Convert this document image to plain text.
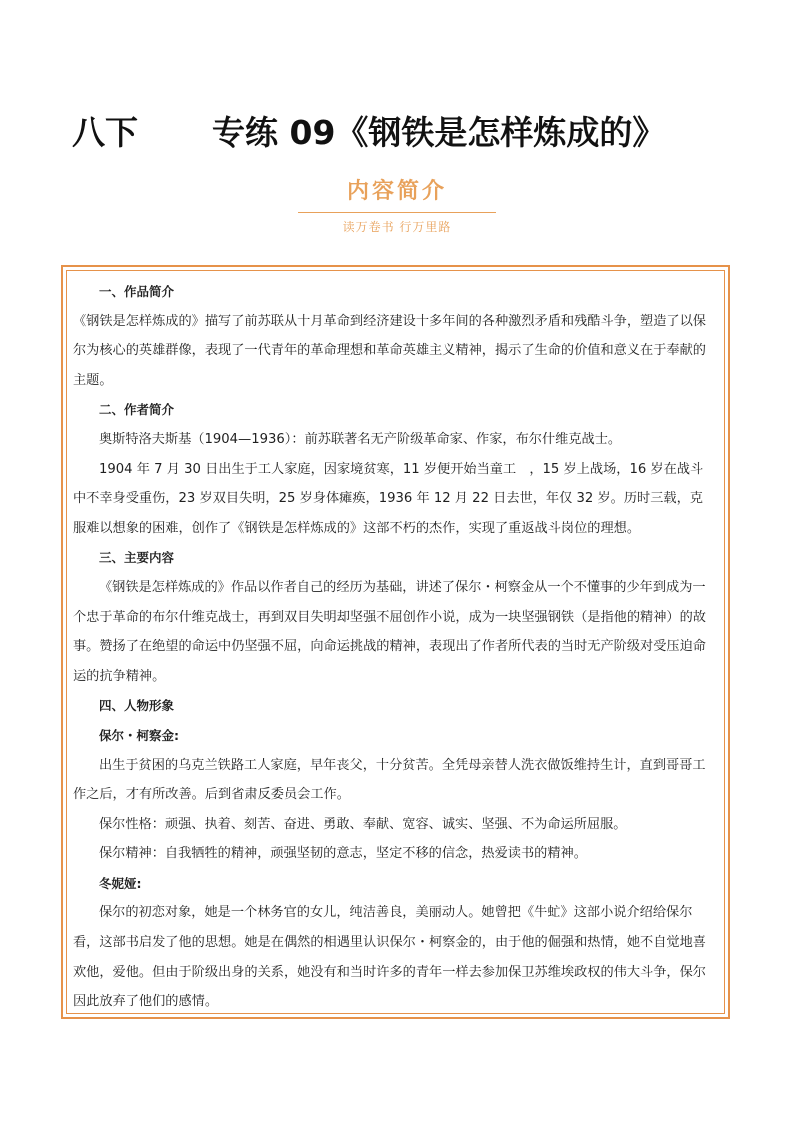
八下 专练 09《钢铁是怎样炼成的》
内容简介
读万卷书 行万里路

一、作品简介

《钢铁是怎样炼成的》描写了前苏联从十月革命到经济建设十多年间的各种激烈矛盾和残酷斗争，塑造了以保尔为核心的英雄群像，表现了一代青年的革命理想和革命英雄主义精神，揭示了生命的价值和意义在于奉献的主题。

二、作者简介

奥斯特洛夫斯基（1904—1936）：前苏联著名无产阶级革命家、作家，布尔什维克战士。

1904 年 7 月 30 日出生于工人家庭，因家境贫寒，11 岁便开始当童工　，15 岁上战场，16 岁在战斗中不幸身受重伤，23 岁双目失明，25 岁身体瘫痪，1936 年 12 月 22 日去世，年仅 32 岁。历时三载，克服难以想象的困难，创作了《钢铁是怎样炼成的》这部不朽的杰作，实现了重返战斗岗位的理想。

三、主要内容

《钢铁是怎样炼成的》作品以作者自己的经历为基础，讲述了保尔・柯察金从一个不懂事的少年到成为一个忠于革命的布尔什维克战士，再到双目失明却坚强不屈创作小说，成为一块坚强钢铁（是指他的精神）的故事。赞扬了在绝望的命运中仍坚强不屈，向命运挑战的精神，表现出了作者所代表的当时无产阶级对受压迫命运的抗争精神。

四、人物形象

保尔・柯察金:

出生于贫困的乌克兰铁路工人家庭，早年丧父，十分贫苦。全凭母亲替人洗衣做饭维持生计，直到哥哥工作之后，才有所改善。后到省肃反委员会工作。

保尔性格：顽强、执着、刻苦、奋进、勇敢、奉献、宽容、诚实、坚强、不为命运所屈服。

保尔精神：自我牺牲的精神，顽强坚韧的意志，坚定不移的信念，热爱读书的精神。

冬妮娅:

保尔的初恋对象，她是一个林务官的女儿，纯洁善良，美丽动人。她曾把《牛虻》这部小说介绍给保尔看，这部书启发了他的思想。她是在偶然的相遇里认识保尔・柯察金的，由于他的倔强和热情，她不自觉地喜欢他，爱他。但由于阶级出身的关系，她没有和当时许多的青年一样去参加保卫苏维埃政权的伟大斗争，保尔因此放弃了他们的感情。
